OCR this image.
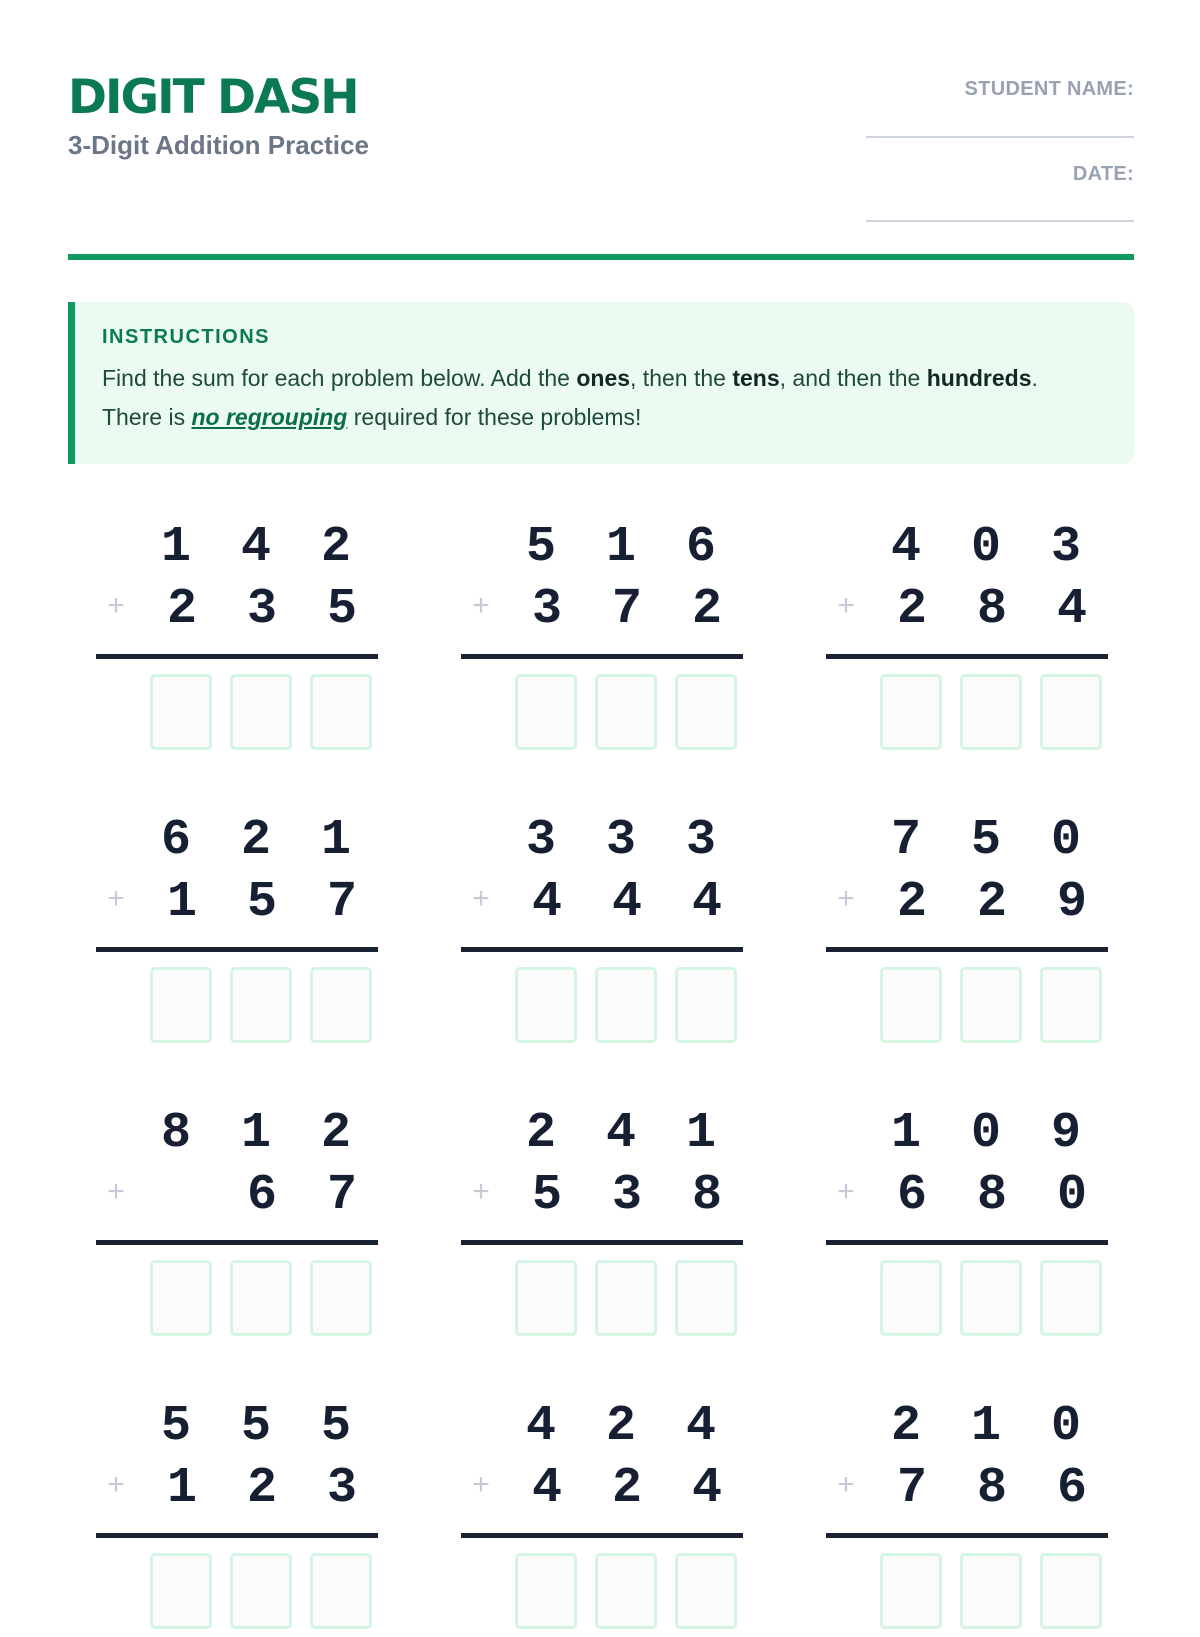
DIGIT DASH
3-Digit Addition Practice
STUDENT NAME:
DATE:
INSTRUCTIONS
Find the sum for each problem below. Add the ones, then the tens, and then the hundreds. There is no regrouping required for these problems!
1 4 2
+ 2 3 5
5 1 6
+ 3 7 2
4 0 3
+ 2 8 4
6 2 1
+ 1 5 7
3 3 3
+ 4 4 4
7 5 0
+ 2 2 9
8 1 2
+ 6 7
2 4 1
+ 5 3 8
1 0 9
+ 6 8 0
5 5 5
+ 1 2 3
4 2 4
+ 4 2 4
2 1 0
+ 7 8 6
